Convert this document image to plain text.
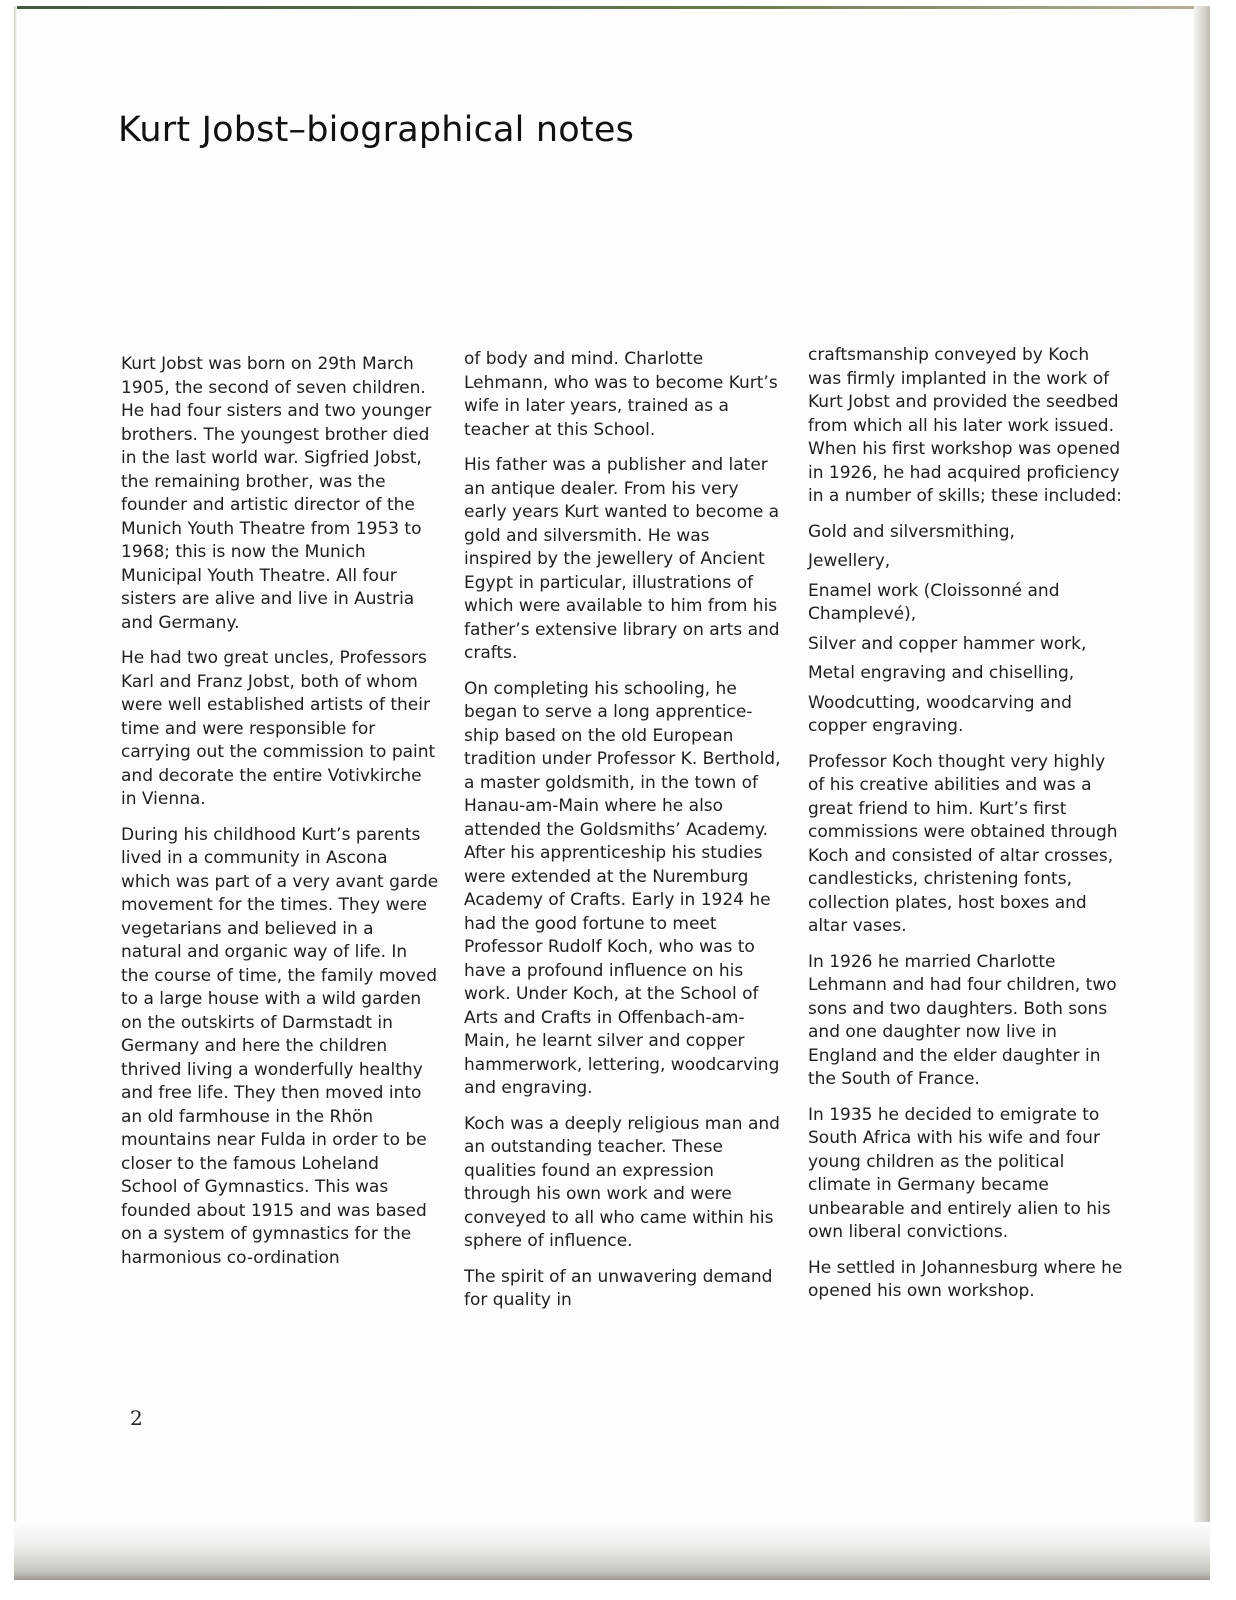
Kurt Jobst–biographical notes

Kurt Jobst was born on 29th March 1905, the second of seven children. He had four sisters and two younger brothers. The youngest brother died in the last world war. Sigfried Jobst, the remaining brother, was the founder and artistic director of the Munich Youth Theatre from 1953 to 1968; this is now the Munich Municipal Youth Theatre. All four sisters are alive and live in Austria and Germany.

He had two great uncles, Professors Karl and Franz Jobst, both of whom were well established artists of their time and were responsible for carrying out the commission to paint and decorate the entire Votivkirche in Vienna.

During his childhood Kurt’s parents lived in a community in Ascona which was part of a very avant garde movement for the times. They were vegetarians and believed in a natural and organic way of life. In the course of time, the family moved to a large house with a wild garden on the outskirts of Darmstadt in Germany and here the children thrived living a wonderfully healthy and free life. They then moved into an old farmhouse in the Rhön mountains near Fulda in order to be closer to the famous Loheland School of Gymnastics. This was founded about 1915 and was based on a system of gymnastics for the harmonious co-ordination

of body and mind. Charlotte Lehmann, who was to become Kurt’s wife in later years, trained as a teacher at this School.

His father was a publisher and later an antique dealer. From his very early years Kurt wanted to become a gold and silversmith. He was inspired by the jewellery of Ancient Egypt in particular, illustrations of which were available to him from his father’s extensive library on arts and crafts.

On completing his schooling, he began to serve a long apprentice-ship based on the old European tradition under Professor K. Berthold, a master goldsmith, in the town of Hanau-am-Main where he also attended the Goldsmiths’ Academy. After his apprenticeship his studies were extended at the Nuremburg Academy of Crafts. Early in 1924 he had the good fortune to meet Professor Rudolf Koch, who was to have a profound influence on his work. Under Koch, at the School of Arts and Crafts in Offenbach-am-Main, he learnt silver and copper hammerwork, lettering, woodcarving and engraving.

Koch was a deeply religious man and an outstanding teacher. These qualities found an expression through his own work and were conveyed to all who came within his sphere of influence.

The spirit of an unwavering demand for quality in

craftsmanship conveyed by Koch was firmly implanted in the work of Kurt Jobst and provided the seedbed from which all his later work issued. When his first workshop was opened in 1926, he had acquired proficiency in a number of skills; these included:

Gold and silversmithing,

Jewellery,

Enamel work (Cloissonné and Champlevé),

Silver and copper hammer work,

Metal engraving and chiselling,

Woodcutting, woodcarving and copper engraving.

Professor Koch thought very highly of his creative abilities and was a great friend to him. Kurt’s first commissions were obtained through Koch and consisted of altar crosses, candlesticks, christening fonts, collection plates, host boxes and altar vases.

In 1926 he married Charlotte Lehmann and had four children, two sons and two daughters. Both sons and one daughter now live in England and the elder daughter in the South of France.

In 1935 he decided to emigrate to South Africa with his wife and four young children as the political climate in Germany became unbearable and entirely alien to his own liberal convictions.

He settled in Johannesburg where he opened his own workshop.

2
